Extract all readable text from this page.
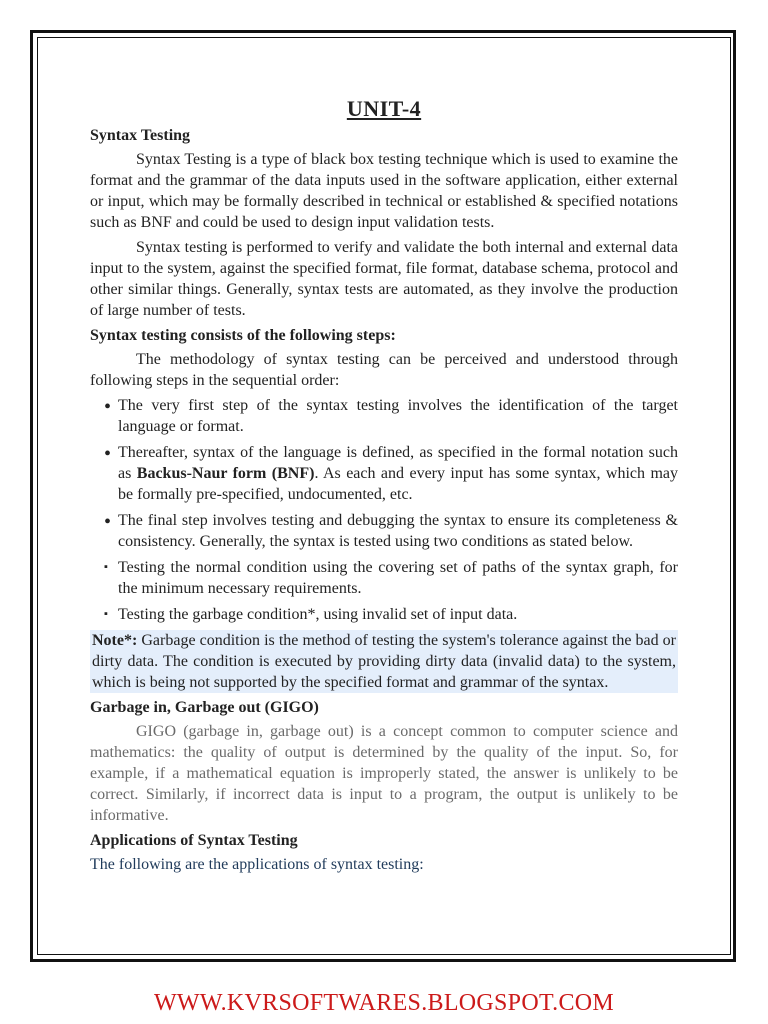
UNIT-4
Syntax Testing

Syntax Testing is a type of black box testing technique which is used to examine the format and the grammar of the data inputs used in the software application, either external or input, which may be formally described in technical or established & specified notations such as BNF and could be used to design input validation tests.

Syntax testing is performed to verify and validate the both internal and external data input to the system, against the specified format, file format, database schema, protocol and other similar things. Generally, syntax tests are automated, as they involve the production of large number of tests.

Syntax testing consists of the following steps:

The methodology of syntax testing can be perceived and understood through following steps in the sequential order:

• The very first step of the syntax testing involves the identification of the target language or format.
• Thereafter, syntax of the language is defined, as specified in the formal notation such as Backus-Naur form (BNF). As each and every input has some syntax, which may be formally pre-specified, undocumented, etc.
• The final step involves testing and debugging the syntax to ensure its completeness & consistency. Generally, the syntax is tested using two conditions as stated below.
▪ Testing the normal condition using the covering set of paths of the syntax graph, for the minimum necessary requirements.
▪ Testing the garbage condition*, using invalid set of input data.
Note*: Garbage condition is the method of testing the system's tolerance against the bad or dirty data. The condition is executed by providing dirty data (invalid data) to the system, which is being not supported by the specified format and grammar of the syntax.
Garbage in, Garbage out (GIGO)

GIGO (garbage in, garbage out) is a concept common to computer science and mathematics: the quality of output is determined by the quality of the input. So, for example, if a mathematical equation is improperly stated, the answer is unlikely to be correct. Similarly, if incorrect data is input to a program, the output is unlikely to be informative.

Applications of Syntax Testing

The following are the applications of syntax testing:

WWW.KVRSOFTWARES.BLOGSPOT.COM
